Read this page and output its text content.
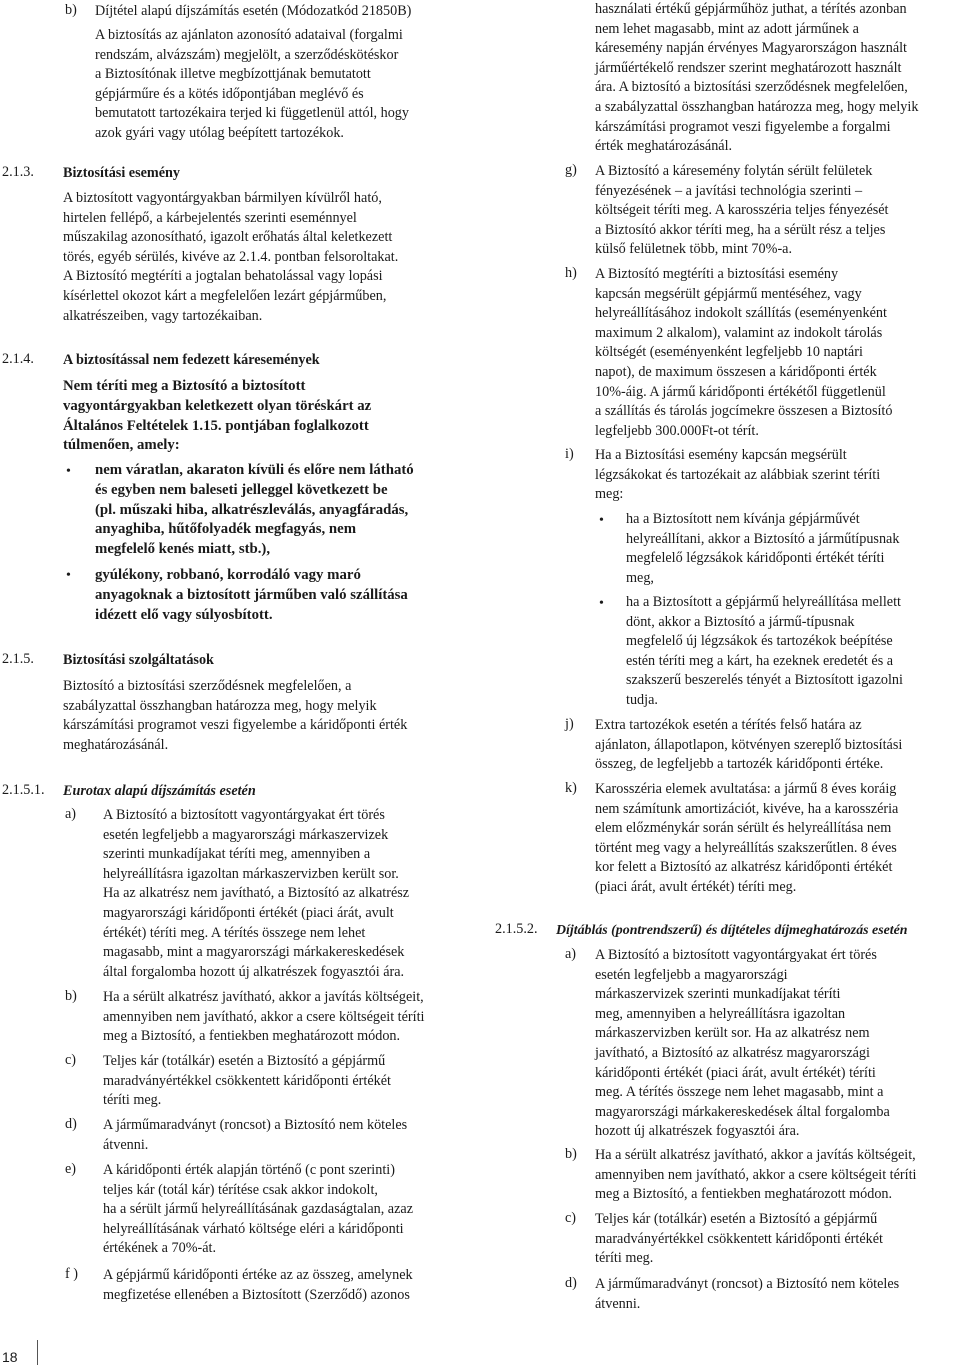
b) Díjtétel alapú díjszámítás esetén (Módozatkód 21850B)
A biztosítás az ajánlaton azonosító adataival (forgalmi
rendszám, alvázszám) megjelölt, a szerződéskötéskor
a Biztosítónak illetve megbízottjának bemutatott
gépjárműre és a kötés időpontjában meglévő és
bemutatott tartozékaira terjed ki függetlenül attól, hogy
azok gyári vagy utólag beépített tartozékok.
2.1.3. Biztosítási esemény
A biztosított vagyontárgyakban bármilyen kívülről ható,
hirtelen fellépő, a kárbejelentés szerinti eseménnyel
műszakilag azonosítható, igazolt erőhatás által keletkezett
törés, egyéb sérülés, kivéve az 2.1.4. pontban felsoroltakat.
A Biztosító megtéríti a jogtalan behatolással vagy lopási
kísérlettel okozot kárt a megfelelően lezárt gépjárműben,
alkatrészeiben, vagy tartozékaiban.
2.1.4. A biztosítással nem fedezett káresemények
Nem téríti meg a Biztosító a biztosított
vagyontárgyakban keletkezett olyan töréskárt az
Általános Feltételek 1.15. pontjában foglalkozott
túlmenően, amely:
• nem váratlan, akaraton kívüli és előre nem látható
és egyben nem baleseti jelleggel következett be
(pl. műszaki hiba, alkatrészleválás, anyagfáradás,
anyaghiba, hűtőfolyadék megfagyás, nem
megfelelő kenés miatt, stb.),
• gyúlékony, robbanó, korrodáló vagy maró
anyagoknak a biztosított járműben való szállítása
idézett elő vagy súlyosbított.
2.1.5. Biztosítási szolgáltatások
Biztosító a biztosítási szerződésnek megfelelően, a
szabályzattal összhangban határozza meg, hogy melyik
kárszámítási programot veszi figyelembe a káridőponti érték
meghatározásánál.
2.1.5.1. Eurotax alapú díjszámítás esetén
a) A Biztosító a biztosított vagyontárgyakat ért törés
esetén legfeljebb a magyarországi márkaszervizek
szerinti munkadíjakat téríti meg, amennyiben a
helyreállításra igazoltan márkaszervizben került sor.
Ha az alkatrész nem javítható, a Biztosító az alkatrész
magyarországi káridőponti értékét (piaci árát, avult
értékét) téríti meg. A térítés összege nem lehet
magasabb, mint a magyarországi márkakereskedések
által forgalomba hozott új alkatrészek fogyasztói ára.
b) Ha a sérült alkatrész javítható, akkor a javítás költségeit,
amennyiben nem javítható, akkor a csere költségeit téríti
meg a Biztosító, a fentiekben meghatározott módon.
c) Teljes kár (totálkár) esetén a Biztosító a gépjármű
maradványértékkel csökkentett káridőponti értékét
téríti meg.
d) A járműmaradványt (roncsot) a Biztosító nem köteles
átvenni.
e) A káridőponti érték alapján történő (c pont szerinti)
teljes kár (totál kár) térítése csak akkor indokolt,
ha a sérült jármű helyreállításának gazdaságtalan, azaz
helyreállításának várható költsége eléri a káridőponti
értékének a 70%-át.
f ) A gépjármű káridőponti értéke az az összeg, amelynek
megfizetése ellenében a Biztosított (Szerződő) azonos
használati értékű gépjárműhöz juthat, a térítés azonban
nem lehet magasabb, mint az adott járműnek a
káresemény napján érvényes Magyarországon használt
járműértékelő rendszer szerint meghatározott használt
ára. A biztosító a biztosítási szerződésnek megfelelően,
a szabályzattal összhangban határozza meg, hogy melyik
kárszámítási programot veszi figyelembe a forgalmi
érték meghatározásánál.
g) A Biztosító a káresemény folytán sérült felületek
fényezésének – a javítási technológia szerinti –
költségeit téríti meg. A karosszéria teljes fényezését
a Biztosító akkor téríti meg, ha a sérült rész a teljes
külső felületnek több, mint 70%-a.
h) A Biztosító megtéríti a biztosítási esemény
kapcsán megsérült gépjármű mentéséhez, vagy
helyreállításához indokolt szállítás (eseményenként
maximum 2 alkalom), valamint az indokolt tárolás
költségét (eseményenként legfeljebb 10 naptári
napot), de maximum összesen a káridőponti érték
10%-áig. A jármű káridőponti értékétől függetlenül
a szállítás és tárolás jogcímekre összesen a Biztosító
legfeljebb 300.000Ft-ot térít.
i) Ha a Biztosítási esemény kapcsán megsérült
légzsákokat és tartozékait az alábbiak szerint téríti
meg:
• ha a Biztosított nem kívánja gépjárművét
helyreállítani, akkor a Biztosító a járműtípusnak
megfelelő légzsákok káridőponti értékét téríti
meg,
• ha a Biztosított a gépjármű helyreállítása mellett
dönt, akkor a Biztosító a jármű-típusnak
megfelelő új légzsákok és tartozékok beépítése
estén téríti meg a kárt, ha ezeknek eredetét és a
szakszerű beszerelés tényét a Biztosított igazolni
tudja.
j) Extra tartozékok esetén a térítés felső határa az
ajánlaton, állapotlapon, kötvényen szereplő biztosítási
összeg, de legfeljebb a tartozék káridőponti értéke.
k) Karosszéria elemek avultatása: a jármű 8 éves koráig
nem számítunk amortizációt, kivéve, ha a karosszéria
elem előzménykár során sérült és helyreállítása nem
történt meg vagy a helyreállítás szakszerűtlen. 8 éves
kor felett a Biztosító az alkatrész káridőponti értékét
(piaci árát, avult értékét) téríti meg.
2.1.5.2. Díjtáblás (pontrendszerű) és díjtételes díjmeghatározás esetén
a) A Biztosító a biztosított vagyontárgyakat ért törés
esetén legfeljebb a magyarországi
márkaszervizek szerinti munkadíjakat téríti
meg, amennyiben a helyreállításra igazoltan
márkaszervizben került sor. Ha az alkatrész nem
javítható, a Biztosító az alkatrész magyarországi
káridőponti értékét (piaci árát, avult értékét) téríti
meg. A térítés összege nem lehet magasabb, mint a
magyarországi márkakereskedések által forgalomba
hozott új alkatrészek fogyasztói ára.
b) Ha a sérült alkatrész javítható, akkor a javítás költségeit,
amennyiben nem javítható, akkor a csere költségeit téríti
meg a Biztosító, a fentiekben meghatározott módon.
c) Teljes kár (totálkár) esetén a Biztosító a gépjármű
maradványértékkel csökkentett káridőponti értékét
téríti meg.
d) A járműmaradványt (roncsot) a Biztosító nem köteles
átvenni.
18
